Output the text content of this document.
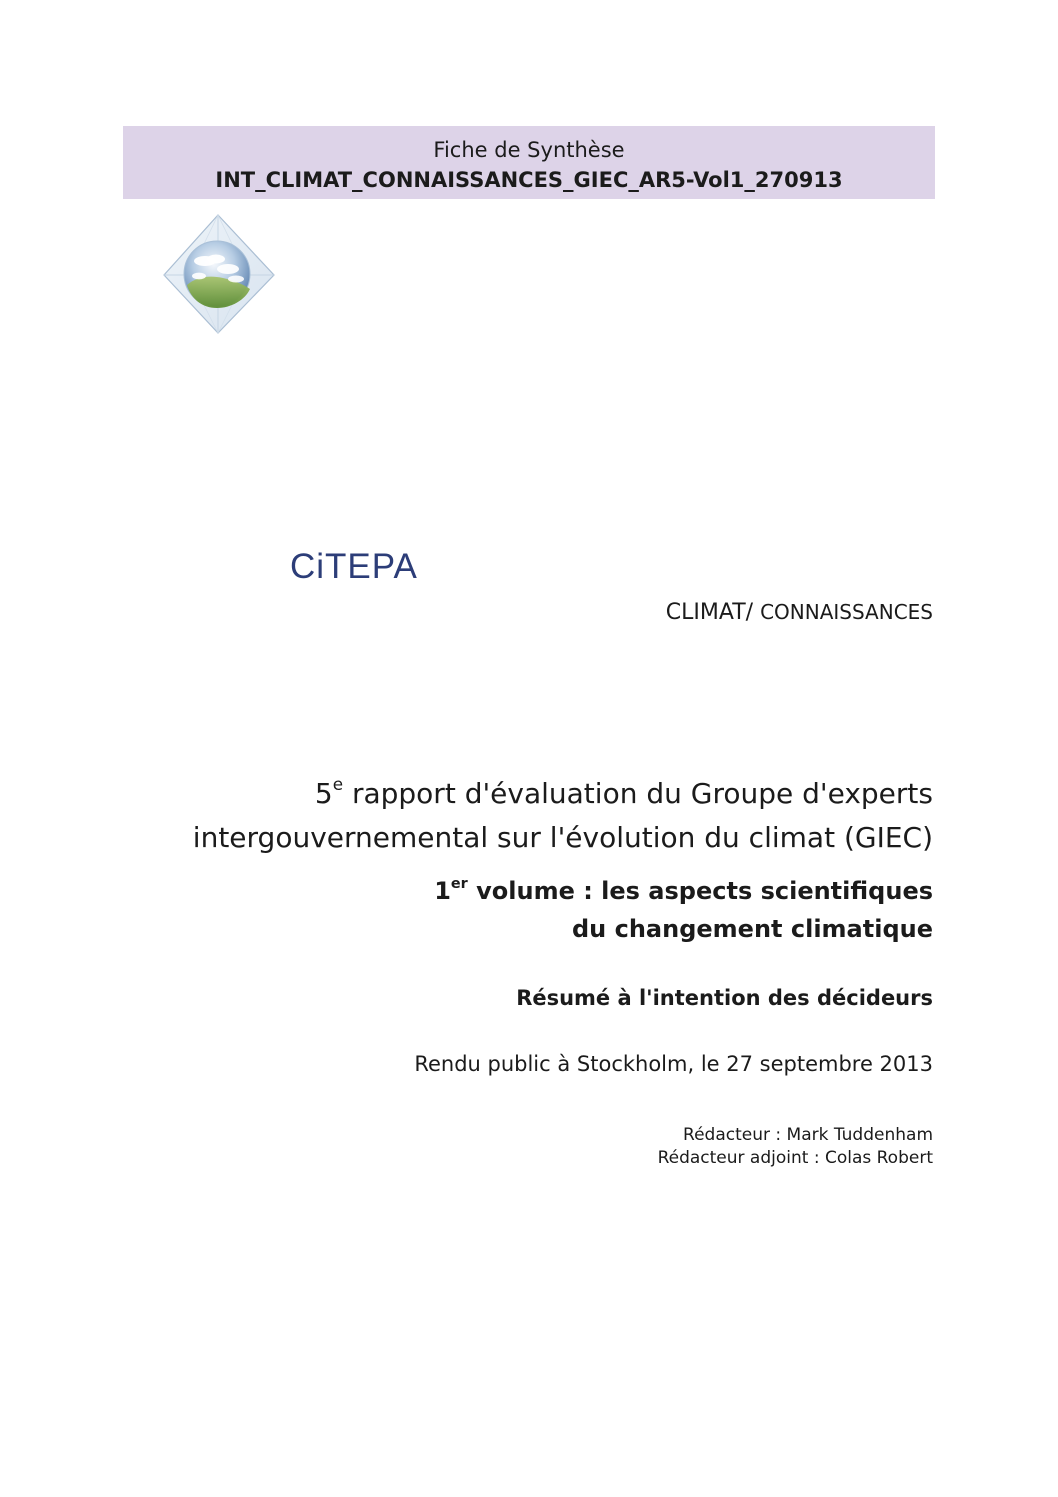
Fiche de Synthèse
INT_CLIMAT_CONNAISSANCES_GIEC_AR5-Vol1_270913
CiTEPA
CLIMAT/ CONNAISSANCES
5e rapport d'évaluation du Groupe d'experts
intergouvernemental sur l'évolution du climat (GIEC)
1er volume : les aspects scientifiques
du changement climatique
Résumé à l'intention des décideurs
Rendu public à Stockholm, le 27 septembre 2013
Rédacteur : Mark Tuddenham
Rédacteur adjoint : Colas Robert
